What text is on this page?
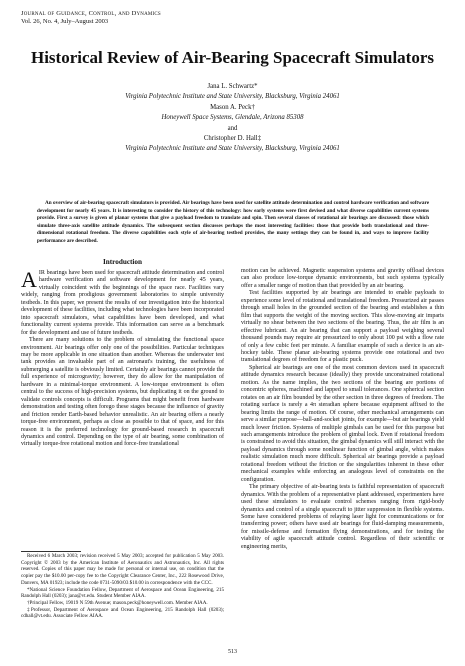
Journal of Guidance, Control, and Dynamics
Vol. 26, No. 4, July–August 2003
Historical Review of Air-Bearing Spacecraft Simulators
Jana L. Schwartz*
Virginia Polytechnic Institute and State University, Blacksburg, Virginia 24061
Mason A. Peck†
Honeywell Space Systems, Glendale, Arizona 85308
and
Christopher D. Hall‡
Virginia Polytechnic Institute and State University, Blacksburg, Virginia 24061
An overview of air-bearing spacecraft simulators is provided. Air bearings have been used for satellite attitude determination and control hardware verification and software development for nearly 45 years. It is interesting to consider the history of this technology: how early systems were first devised and what diverse capabilities current systems provide. First a survey is given of planar systems that give a payload freedom to translate and spin. Then several classes of rotational air bearings are discussed: those which simulate three-axis satellite attitude dynamics. The subsequent section discusses perhaps the most interesting facilities: those that provide both translational and three-dimensional rotational freedom. The diverse capabilities each style of air-bearing testbed provides, the many settings they can be found in, and ways to improve facility performance are described.
Introduction

AIR bearings have been used for spacecraft attitude determination and control hardware verification and software development for nearly 45 years, virtually coincident with the beginnings of the space race. Facilities vary widely, ranging from prodigious government laboratories to simple university testbeds. In this paper, we present the results of our investigation into the historical development of these facilities, including what technologies have been incorporated into spacecraft simulators, what capabilities have been developed, and what functionality current systems provide. This information can serve as a benchmark for the development and use of future testbeds.

There are many solutions to the problem of simulating the functional space environment. Air bearings offer only one of the possibilities. Particular techniques may be more applicable in one situation than another. Whereas the underwater test tank provides an invaluable part of an astronaut's training, the usefulness of submerging a satellite is obviously limited. Certainly air bearings cannot provide the full experience of microgravity; however, they do allow for the manipulation of hardware in a minimal-torque environment. A low-torque environment is often central to the success of high-precision systems, but duplicating it on the ground to validate controls concepts is difficult. Programs that might benefit from hardware demonstration and testing often forego these stages because the influence of gravity and friction render Earth-based behavior unrealistic. An air bearing offers a nearly torque-free environment, perhaps as close as possible to that of space, and for this reason it is the preferred technology for ground-based research in spacecraft dynamics and control. Depending on the type of air bearing, some combination of virtually torque-free rotational motion and force-free translational

Received 6 March 2003; revision received 5 May 2003; accepted for publication 5 May 2003. Copyright © 2003 by the American Institute of Aeronautics and Astronautics, Inc. All rights reserved. Copies of this paper may be made for personal or internal use, on condition that the copier pay the $10.00 per-copy fee to the Copyright Clearance Center, Inc., 222 Rosewood Drive, Danvers, MA 01923; include the code 0731-5090/03 $10.00 in correspondence with the CCC.

*National Science Foundation Fellow, Department of Aerospace and Ocean Engineering, 215 Randolph Hall (0203); jana@vt.edu. Student Member AIAA.

†Principal Fellow, 19019 N 59th Avenue; mason.peck@honeywell.com. Member AIAA.

‡Professor, Department of Aerospace and Ocean Engineering, 215 Randolph Hall (0203); cdhall@vt.edu. Associate Fellow AIAA.

motion can be achieved. Magnetic suspension systems and gravity offload devices can also produce low-torque dynamic environments, but such systems typically offer a smaller range of motion than that provided by an air bearing.

Test facilities supported by air bearings are intended to enable payloads to experience some level of rotational and translational freedom. Pressurized air passes through small holes in the grounded section of the bearing and establishes a thin film that supports the weight of the moving section. This slow-moving air imparts virtually no shear between the two sections of the bearing. Thus, the air film is an effective lubricant. An air bearing that can support a payload weighing several thousand pounds may require air pressurized to only about 100 psi with a flow rate of only a few cubic feet per minute. A familiar example of such a device is an air-hockey table. These planar air-bearing systems provide one rotational and two translational degrees of freedom for a plastic puck.

Spherical air bearings are one of the most common devices used in spacecraft attitude dynamics research because (ideally) they provide unconstrained rotational motion. As the name implies, the two sections of the bearing are portions of concentric spheres, machined and lapped to small tolerances. One spherical section rotates on an air film bounded by the other section in three degrees of freedom. The rotating surface is rarely a 4π steradian sphere because equipment affixed to the bearing limits the range of motion. Of course, other mechanical arrangements can serve a similar purpose—ball-and-socket joints, for example—but air bearings yield much lower friction. Systems of multiple gimbals can be used for this purpose but such arrangements introduce the problem of gimbal lock. Even if rotational freedom is constrained to avoid this situation, the gimbal dynamics will still interact with the payload dynamics through some nonlinear function of gimbal angle, which makes realistic simulation much more difficult. Spherical air bearings provide a payload rotational freedom without the friction or the singularities inherent in these other mechanical examples while enforcing an analogous level of constraints on the configuration.

The primary objective of air-bearing tests is faithful representation of spacecraft dynamics. With the problem of a representative plant addressed, experimenters have used these simulators to evaluate control schemes ranging from rigid-body dynamics and control of a single spacecraft to jitter suppression in flexible systems. Some have considered problems of relaying laser light for communications or for transferring power; others have used air bearings for fluid-damping measurements, for missile-defense and formation flying demonstrations, and for testing the viability of agile spacecraft attitude control. Regardless of their scientific or engineering merits,

513
